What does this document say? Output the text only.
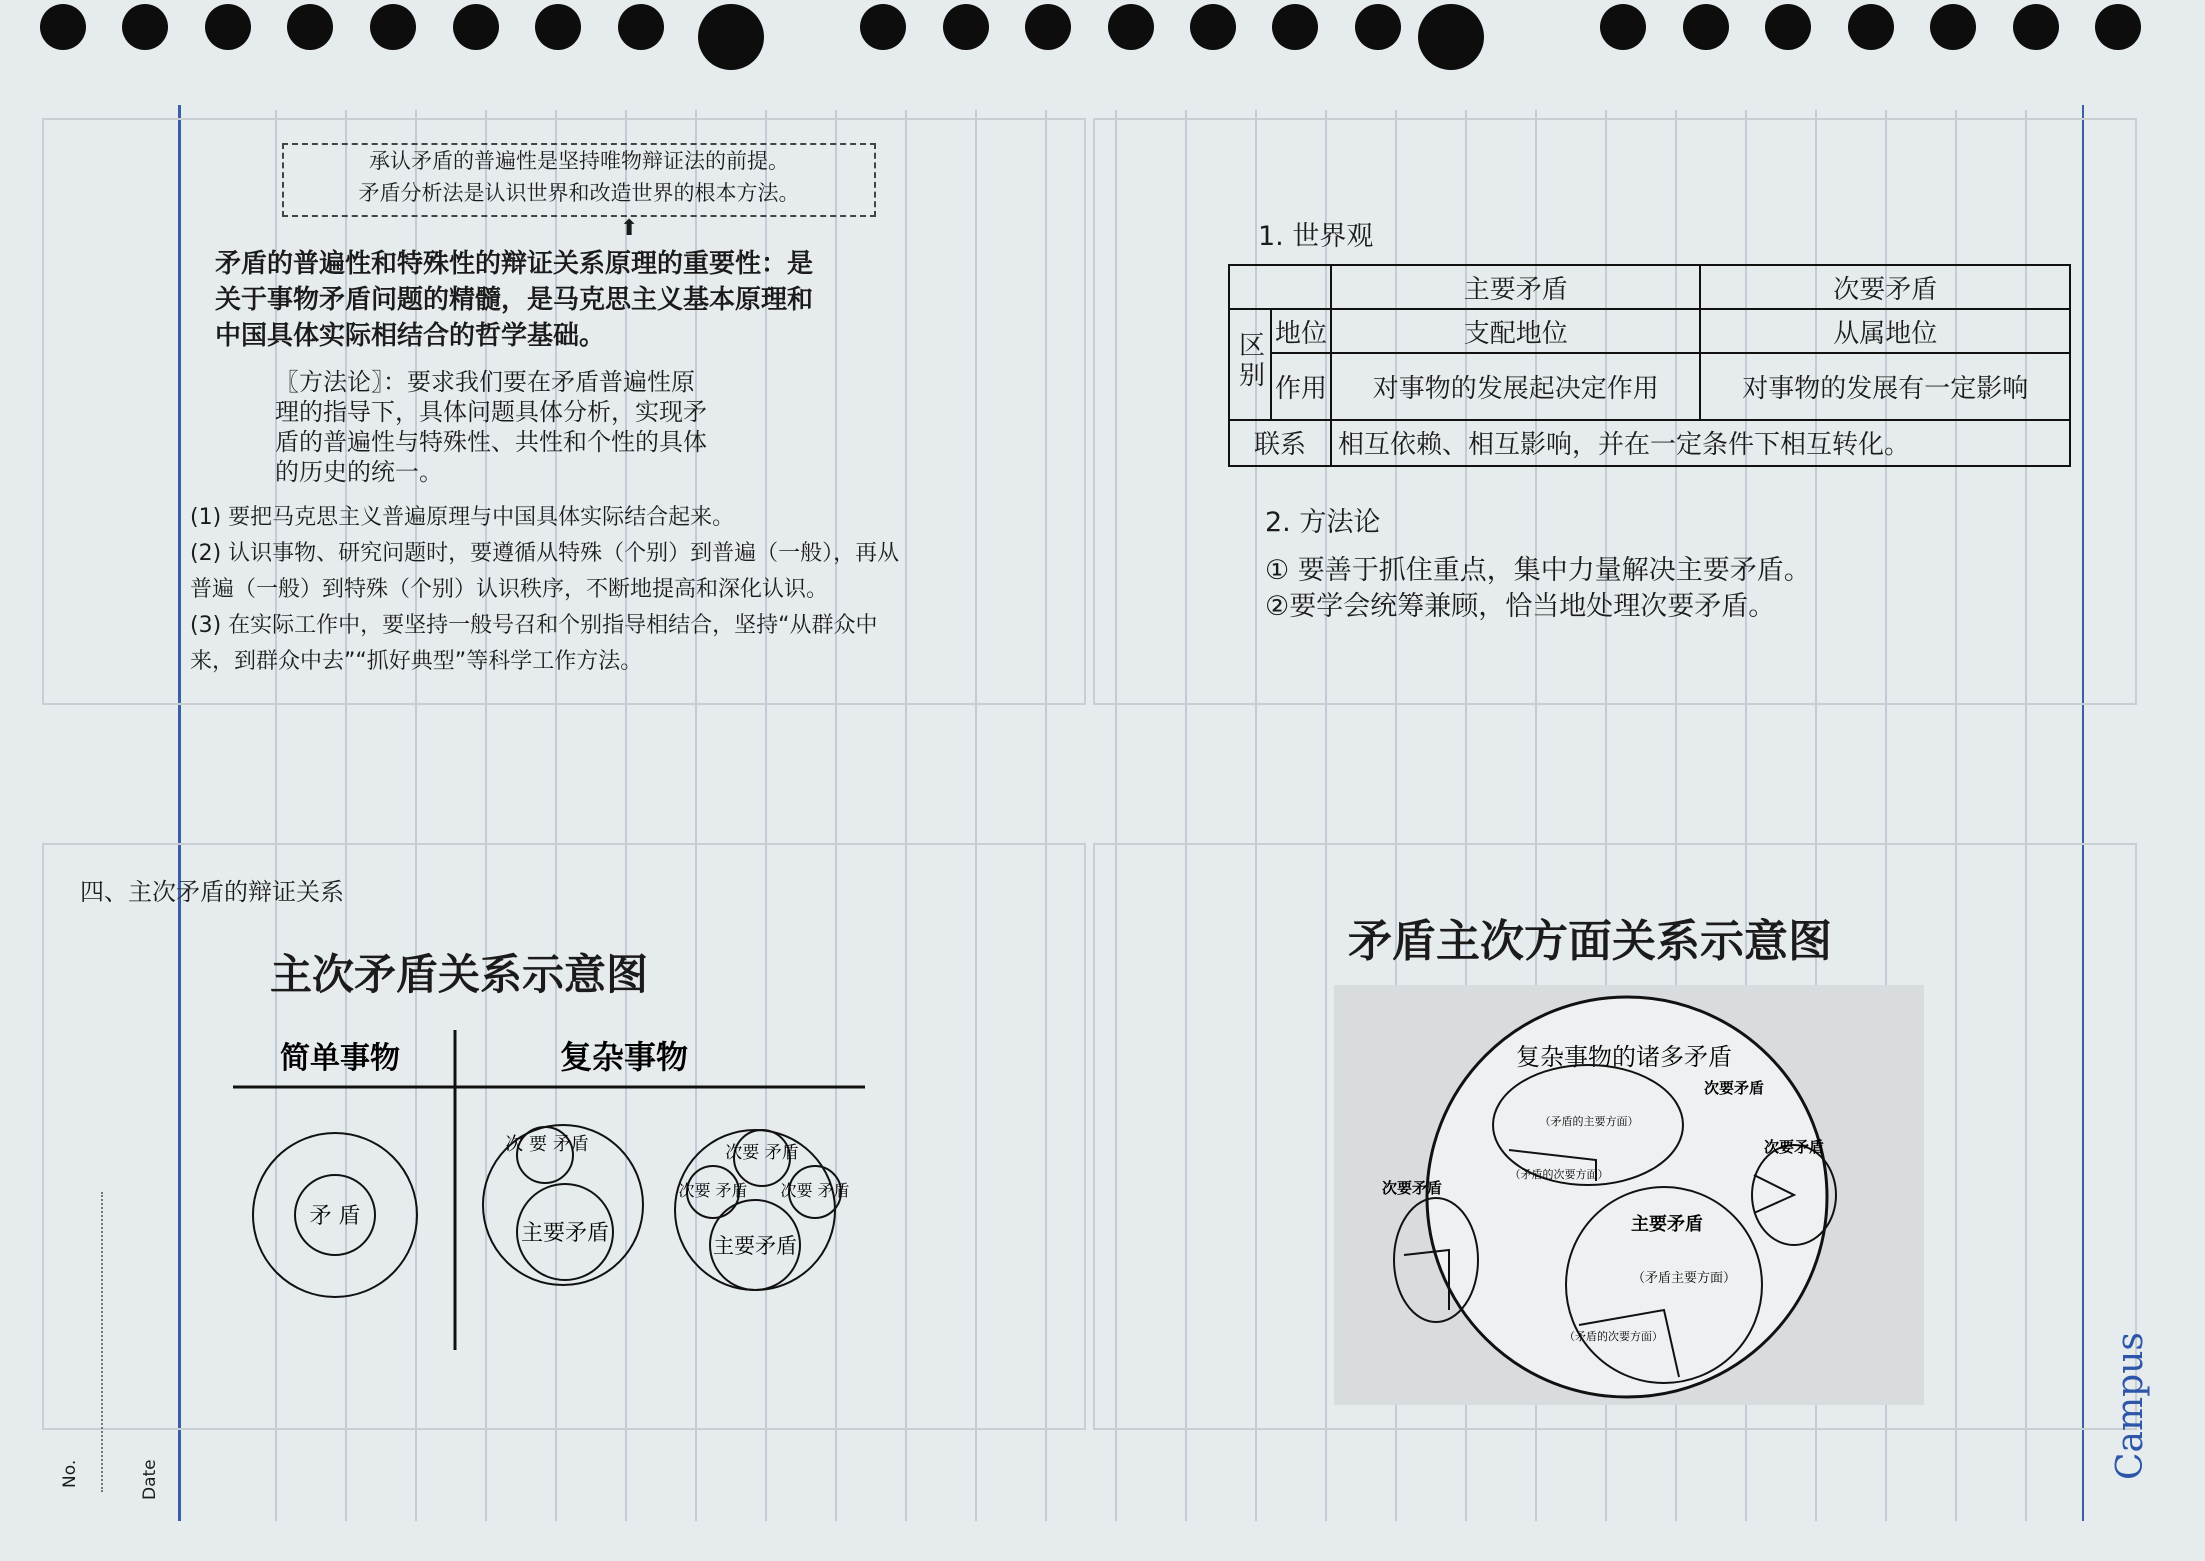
承认矛盾的普遍性是坚持唯物辩证法的前提。
矛盾分析法是认识世界和改造世界的根本方法。
⬆
矛盾的普遍性和特殊性的辩证关系原理的重要性：是
关于事物矛盾问题的精髓，是马克思主义基本原理和
中国具体实际相结合的哲学基础。
〖方法论〗：要求我们要在矛盾普遍性原
理的指导下，具体问题具体分析，实现矛
盾的普遍性与特殊性、共性和个性的具体
的历史的统一。
(1) 要把马克思主义普遍原理与中国具体实际结合起来。
(2) 认识事物、研究问题时，要遵循从特殊（个别）到普遍（一般），再从
普遍（一般）到特殊（个别）认识秩序，不断地提高和深化认识。
(3) 在实际工作中，要坚持一般号召和个别指导相结合，坚持“从群众中
来，到群众中去”“抓好典型”等科学工作方法。
1. 世界观
		主要矛盾	次要矛盾
区别	地位	支配地位	从属地位
	作用	对事物的发展起决定作用	对事物的发展有一定影响
联系		相互依赖、相互影响，并在一定条件下相互转化。	
2. 方法论
① 要善于抓住重点，集中力量解决主要矛盾。
②要学会统筹兼顾，恰当地处理次要矛盾。
四、主次矛盾的辩证关系
主次矛盾关系示意图
简单事物	复杂事物
矛 盾
次 要 矛盾
主要矛盾
次要 矛盾
次要 矛盾 次要 矛盾
主要矛盾
矛盾主次方面关系示意图
复杂事物的诸多矛盾
次要矛盾
（矛盾的主要方面）
（矛盾的次要方面）
次要矛盾
次要矛盾
主要矛盾
（矛盾主要方面）
（矛盾的次要方面）
No.	Date	Campus
